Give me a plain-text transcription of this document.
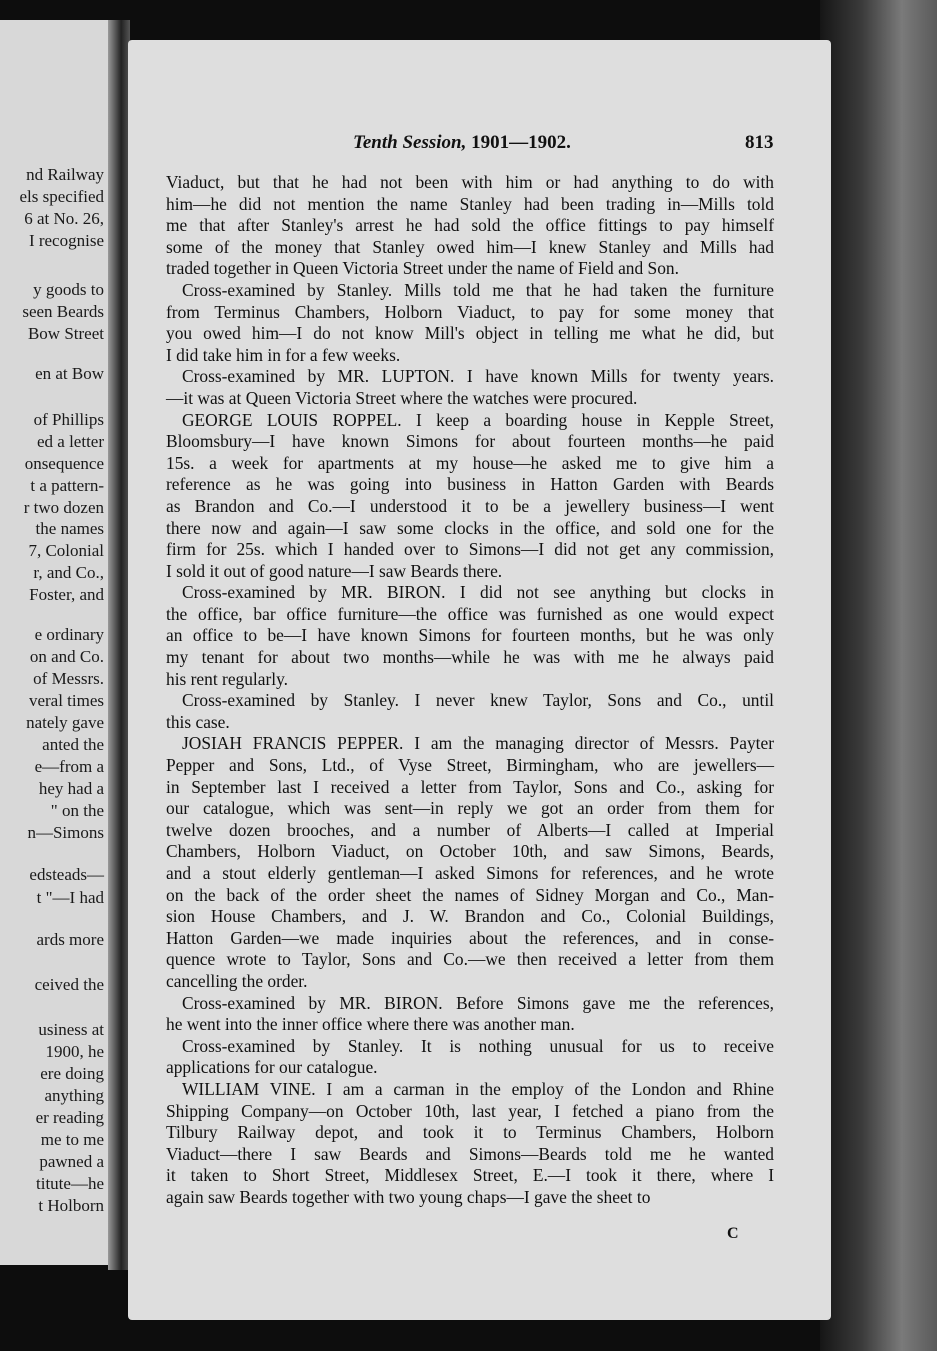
nd Railway
els specified
6 at No. 26,
I recognise
y goods to
seen Beards
Bow Street
en at Bow
of Phillips
ed a letter
onsequence
t a pattern-
r two dozen
the names
7, Colonial
r, and Co.,
Foster, and
e ordinary
on and Co.
of Messrs.
veral times
nately gave
anted the
e—from a
hey had a
" on the
n—Simons
edsteads—
t "—I had
ards more
ceived the
usiness at
1900, he
ere doing
anything
er reading
me to me
pawned a
titute—he
t Holborn
Tenth Session, 1901—1902.	813
Viaduct, but that he had not been with him or had anything to do with
him—he did not mention the name Stanley had been trading in—Mills told
me that after Stanley's arrest he had sold the office fittings to pay himself
some of the money that Stanley owed him—I knew Stanley and Mills had
traded together in Queen Victoria Street under the name of Field and Son.
Cross-examined by Stanley. Mills told me that he had taken the furniture
from Terminus Chambers, Holborn Viaduct, to pay for some money that
you owed him—I do not know Mill's object in telling me what he did, but
I did take him in for a few weeks.
Cross-examined by MR. LUPTON. I have known Mills for twenty years.
—it was at Queen Victoria Street where the watches were procured.
GEORGE LOUIS ROPPEL. I keep a boarding house in Kepple Street,
Bloomsbury—I have known Simons for about fourteen months—he paid
15s. a week for apartments at my house—he asked me to give him a
reference as he was going into business in Hatton Garden with Beards
as Brandon and Co.—I understood it to be a jewellery business—I went
there now and again—I saw some clocks in the office, and sold one for the
firm for 25s. which I handed over to Simons—I did not get any commission,
I sold it out of good nature—I saw Beards there.
Cross-examined by MR. BIRON. I did not see anything but clocks in
the office, bar office furniture—the office was furnished as one would expect
an office to be—I have known Simons for fourteen months, but he was only
my tenant for about two months—while he was with me he always paid
his rent regularly.
Cross-examined by Stanley. I never knew Taylor, Sons and Co., until
this case.
JOSIAH FRANCIS PEPPER. I am the managing director of Messrs. Payter
Pepper and Sons, Ltd., of Vyse Street, Birmingham, who are jewellers—
in September last I received a letter from Taylor, Sons and Co., asking for
our catalogue, which was sent—in reply we got an order from them for
twelve dozen brooches, and a number of Alberts—I called at Imperial
Chambers, Holborn Viaduct, on October 10th, and saw Simons, Beards,
and a stout elderly gentleman—I asked Simons for references, and he wrote
on the back of the order sheet the names of Sidney Morgan and Co., Man-
sion House Chambers, and J. W. Brandon and Co., Colonial Buildings,
Hatton Garden—we made inquiries about the references, and in conse-
quence wrote to Taylor, Sons and Co.—we then received a letter from them
cancelling the order.
Cross-examined by MR. BIRON. Before Simons gave me the references,
he went into the inner office where there was another man.
Cross-examined by Stanley. It is nothing unusual for us to receive
applications for our catalogue.
WILLIAM VINE. I am a carman in the employ of the London and Rhine
Shipping Company—on October 10th, last year, I fetched a piano from the
Tilbury Railway depot, and took it to Terminus Chambers, Holborn
Viaduct—there I saw Beards and Simons—Beards told me he wanted
it taken to Short Street, Middlesex Street, E.—I took it there, where I
again saw Beards together with two young chaps—I gave the sheet to
C
